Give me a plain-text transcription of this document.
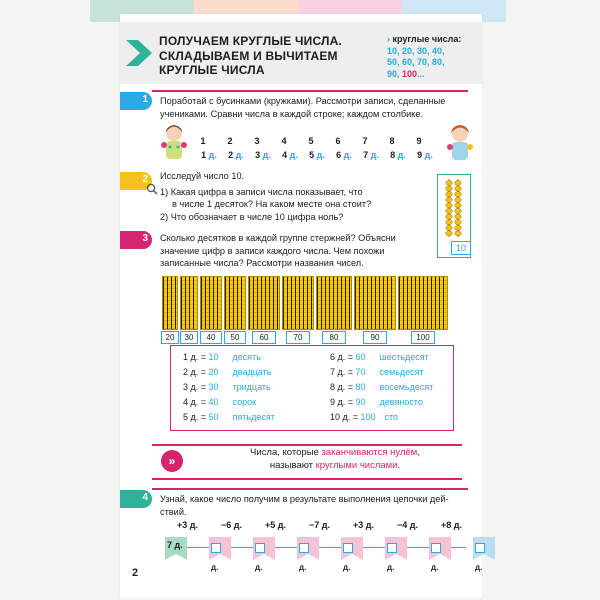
ПОЛУЧАЕМ КРУГЛЫЕ ЧИСЛА.
СКЛАДЫВАЕМ И ВЫЧИТАЕМ
КРУГЛЫЕ ЧИСЛА
› круглые числа:
10, 20, 30, 40,
50, 60, 70, 80,
90, 100...
1 Поработай с бусинками (кружками). Рассмотри записи, сделанные
учениками. Сравни числа в каждой строке; каждом столбике.
1	2	3	4	5	6	7	8	9
1 д.	2 д.	3 д.	4 д.	5 д.	6 д.	7 д.	8 д.	9 д.
2 Исследуй число 10.
1) Какая цифра в записи числа показывает, что
в числе 1 десяток? На каком месте она стоит?
2) Что обозначает в числе 10 цифра ноль?
10
3 Сколько десятков в каждой группе стержней? Объясни
значение цифр в записи каждого числа. Чем похожи
записанные числа? Рассмотри названия чисел.
20	30	40	50	60	70	80	90	100
1 д. = 10 десять
2 д. = 20 двадцать
3 д. = 30 тридцать
4 д. = 40 сорок
5 д. = 50 пятьдесят
6 д. = 60 шестьдесят
7 д. = 70 семьдесят
8 д. = 80 восемьдесят
9 д. = 90 девяносто
10 д. = 100 сто
»
Числа, которые заканчиваются нулём,
называют круглыми числами.
4 Узнай, какое число получим в результате выполнения цепочки дей-
ствий.
+3 д.	−6 д.	+5 д.	−7 д.	+3 д.	−4 д.	+8 д.
7 д.
д.	д.	д.	д.	д.	д.	д.
2
